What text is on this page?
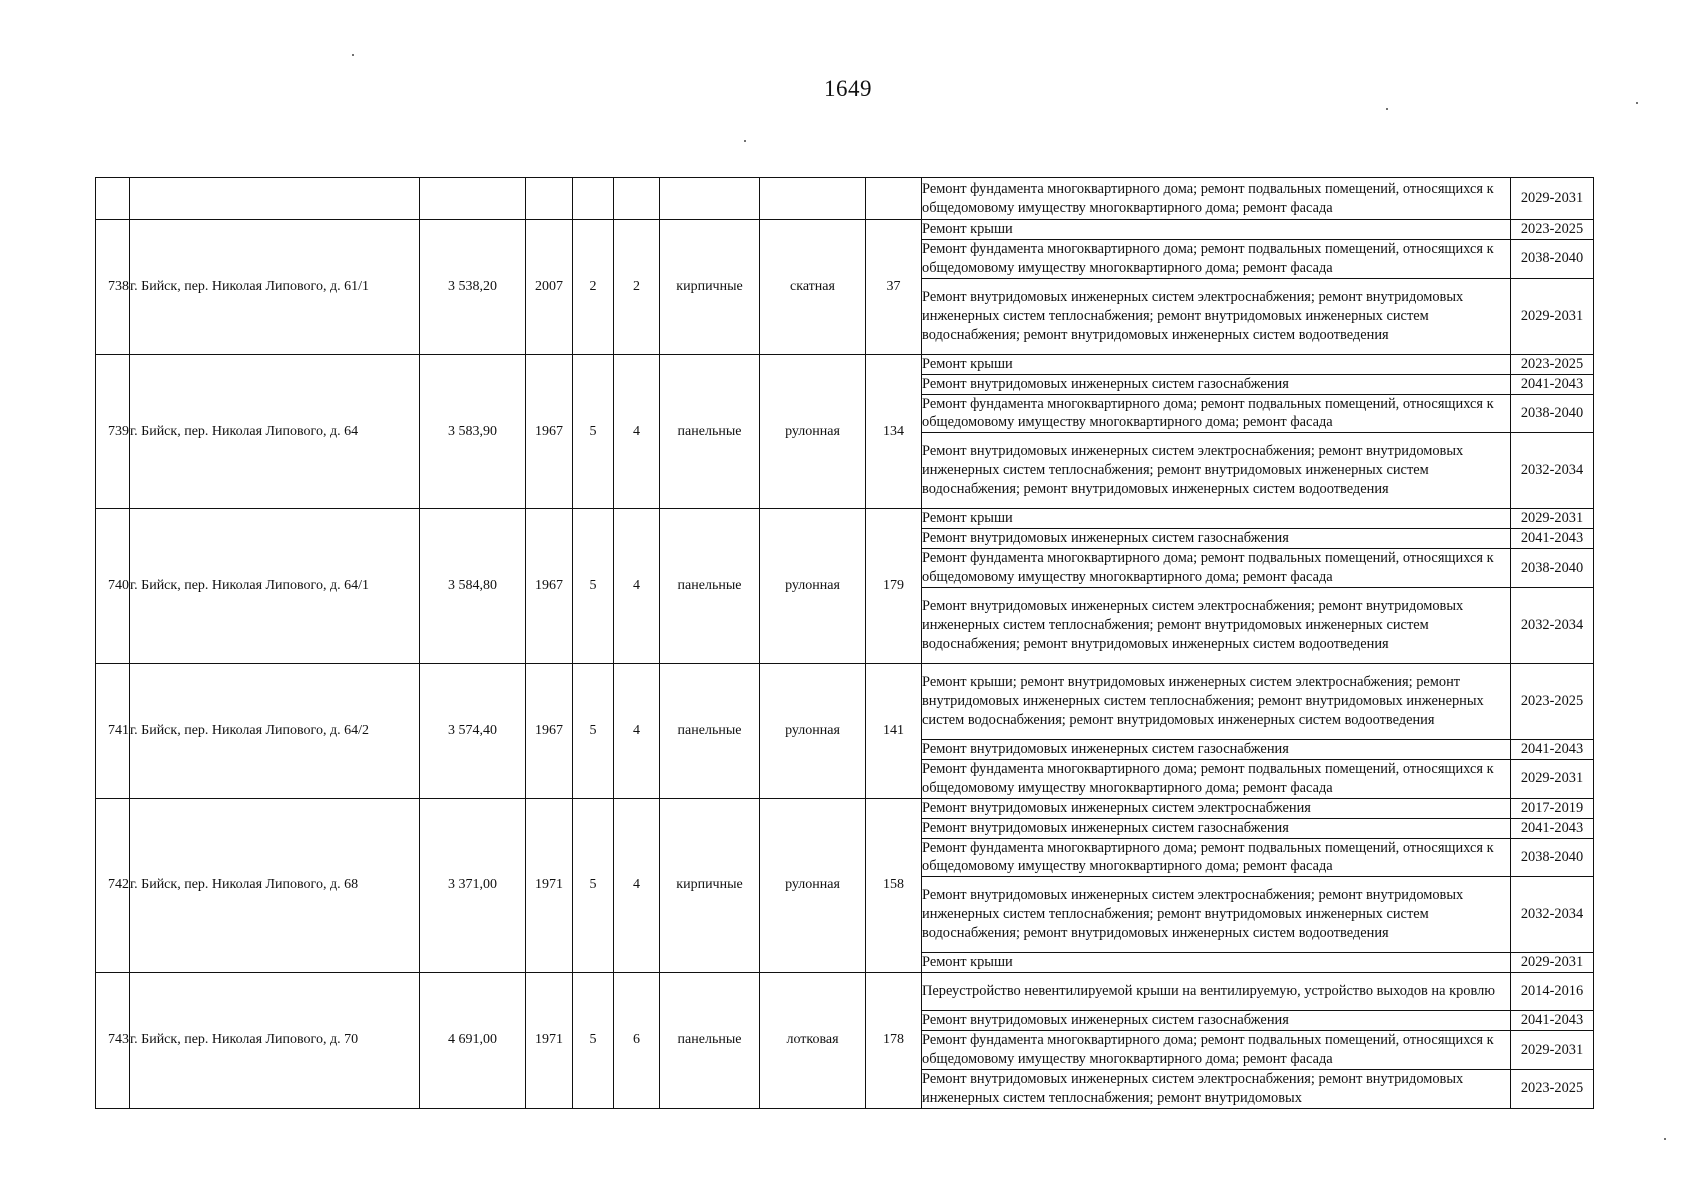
1649

Ремонт фундамента многоквартирного дома; ремонт подвальных помещений, относящихся к общедомовому имуществу многоквартирного дома; ремонт фасада	2029-2031

738	г. Бийск, пер. Николая Липового, д. 61/1	3 538,20	2007	2	2	кирпичные	скатная	37	
Ремонт крыши	2023-2025
Ремонт фундамента многоквартирного дома; ремонт подвальных помещений, относящихся к общедомовому имуществу многоквартирного дома; ремонт фасада	2038-2040
Ремонт внутридомовых инженерных систем электроснабжения; ремонт внутридомовых инженерных систем теплоснабжения; ремонт внутридомовых инженерных систем водоснабжения; ремонт внутридомовых инженерных систем водоотведения	2029-2031

739	г. Бийск, пер. Николая Липового, д. 64	3 583,90	1967	5	4	панельные	рулонная	134	
Ремонт крыши	2023-2025
Ремонт внутридомовых инженерных систем газоснабжения	2041-2043
Ремонт фундамента многоквартирного дома; ремонт подвальных помещений, относящихся к общедомовому имуществу многоквартирного дома; ремонт фасада	2038-2040
Ремонт внутридомовых инженерных систем электроснабжения; ремонт внутридомовых инженерных систем теплоснабжения; ремонт внутридомовых инженерных систем водоснабжения; ремонт внутридомовых инженерных систем водоотведения	2032-2034

740	г. Бийск, пер. Николая Липового, д. 64/1	3 584,80	1967	5	4	панельные	рулонная	179	
Ремонт крыши	2029-2031
Ремонт внутридомовых инженерных систем газоснабжения	2041-2043
Ремонт фундамента многоквартирного дома; ремонт подвальных помещений, относящихся к общедомовому имуществу многоквартирного дома; ремонт фасада	2038-2040
Ремонт внутридомовых инженерных систем электроснабжения; ремонт внутридомовых инженерных систем теплоснабжения; ремонт внутридомовых инженерных систем водоснабжения; ремонт внутридомовых инженерных систем водоотведения	2032-2034

741	г. Бийск, пер. Николая Липового, д. 64/2	3 574,40	1967	5	4	панельные	рулонная	141	
Ремонт крыши; ремонт внутридомовых инженерных систем электроснабжения; ремонт внутридомовых инженерных систем теплоснабжения; ремонт внутридомовых инженерных систем водоснабжения; ремонт внутридомовых инженерных систем водоотведения	2023-2025
Ремонт внутридомовых инженерных систем газоснабжения	2041-2043
Ремонт фундамента многоквартирного дома; ремонт подвальных помещений, относящихся к общедомовому имуществу многоквартирного дома; ремонт фасада	2029-2031

742	г. Бийск, пер. Николая Липового, д. 68	3 371,00	1971	5	4	кирпичные	рулонная	158	
Ремонт внутридомовых инженерных систем электроснабжения	2017-2019
Ремонт внутридомовых инженерных систем газоснабжения	2041-2043
Ремонт фундамента многоквартирного дома; ремонт подвальных помещений, относящихся к общедомовому имуществу многоквартирного дома; ремонт фасада	2038-2040
Ремонт внутридомовых инженерных систем электроснабжения; ремонт внутридомовых инженерных систем теплоснабжения; ремонт внутридомовых инженерных систем водоснабжения; ремонт внутридомовых инженерных систем водоотведения	2032-2034
Ремонт крыши	2029-2031

743	г. Бийск, пер. Николая Липового, д. 70	4 691,00	1971	5	6	панельные	лотковая	178	
Переустройство невентилируемой крыши на вентилируемую, устройство выходов на кровлю	2014-2016
Ремонт внутридомовых инженерных систем газоснабжения	2041-2043
Ремонт фундамента многоквартирного дома; ремонт подвальных помещений, относящихся к общедомовому имуществу многоквартирного дома; ремонт фасада	2029-2031
Ремонт внутридомовых инженерных систем электроснабжения; ремонт внутридомовых инженерных систем теплоснабжения; ремонт внутридомовых	2023-2025
